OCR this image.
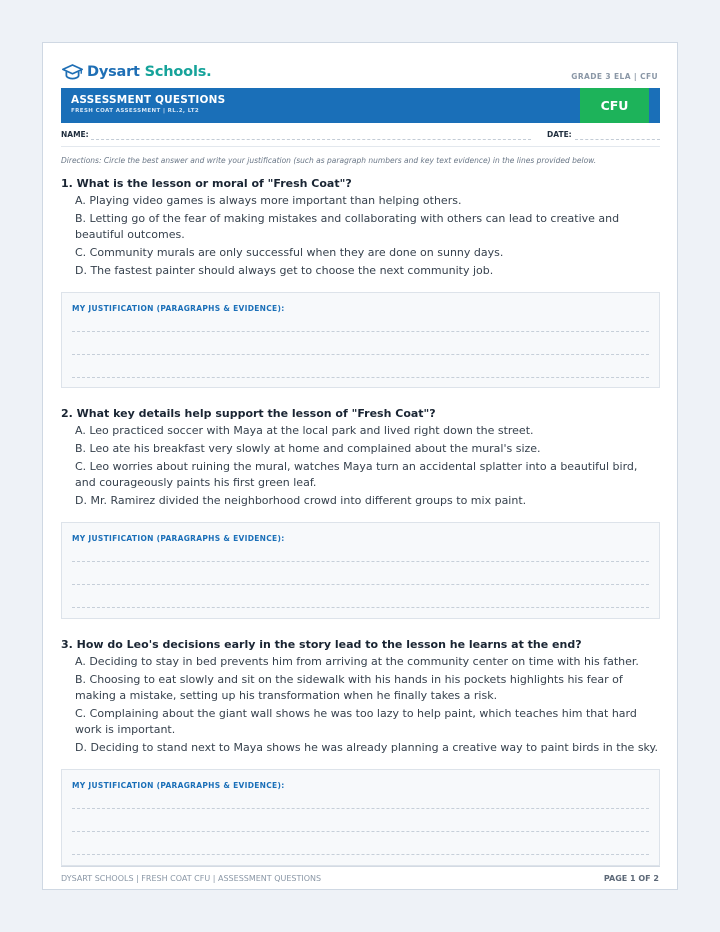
Dysart Schools.	GRADE 3 ELA | CFU
ASSESSMENT QUESTIONS
FRESH COAT ASSESSMENT | RL.2, LT2	CFU
NAME:	DATE:
Directions: Circle the best answer and write your justification (such as paragraph numbers and key text evidence) in the lines provided below.
1. What is the lesson or moral of "Fresh Coat"?
A. Playing video games is always more important than helping others.
B. Letting go of the fear of making mistakes and collaborating with others can lead to creative and beautiful outcomes.
C. Community murals are only successful when they are done on sunny days.
D. The fastest painter should always get to choose the next community job.
MY JUSTIFICATION (PARAGRAPHS & EVIDENCE):
2. What key details help support the lesson of "Fresh Coat"?
A. Leo practiced soccer with Maya at the local park and lived right down the street.
B. Leo ate his breakfast very slowly at home and complained about the mural's size.
C. Leo worries about ruining the mural, watches Maya turn an accidental splatter into a beautiful bird, and courageously paints his first green leaf.
D. Mr. Ramirez divided the neighborhood crowd into different groups to mix paint.
MY JUSTIFICATION (PARAGRAPHS & EVIDENCE):
3. How do Leo's decisions early in the story lead to the lesson he learns at the end?
A. Deciding to stay in bed prevents him from arriving at the community center on time with his father.
B. Choosing to eat slowly and sit on the sidewalk with his hands in his pockets highlights his fear of making a mistake, setting up his transformation when he finally takes a risk.
C. Complaining about the giant wall shows he was too lazy to help paint, which teaches him that hard work is important.
D. Deciding to stand next to Maya shows he was already planning a creative way to paint birds in the sky.
MY JUSTIFICATION (PARAGRAPHS & EVIDENCE):
DYSART SCHOOLS | FRESH COAT CFU | ASSESSMENT QUESTIONS	PAGE 1 OF 2
